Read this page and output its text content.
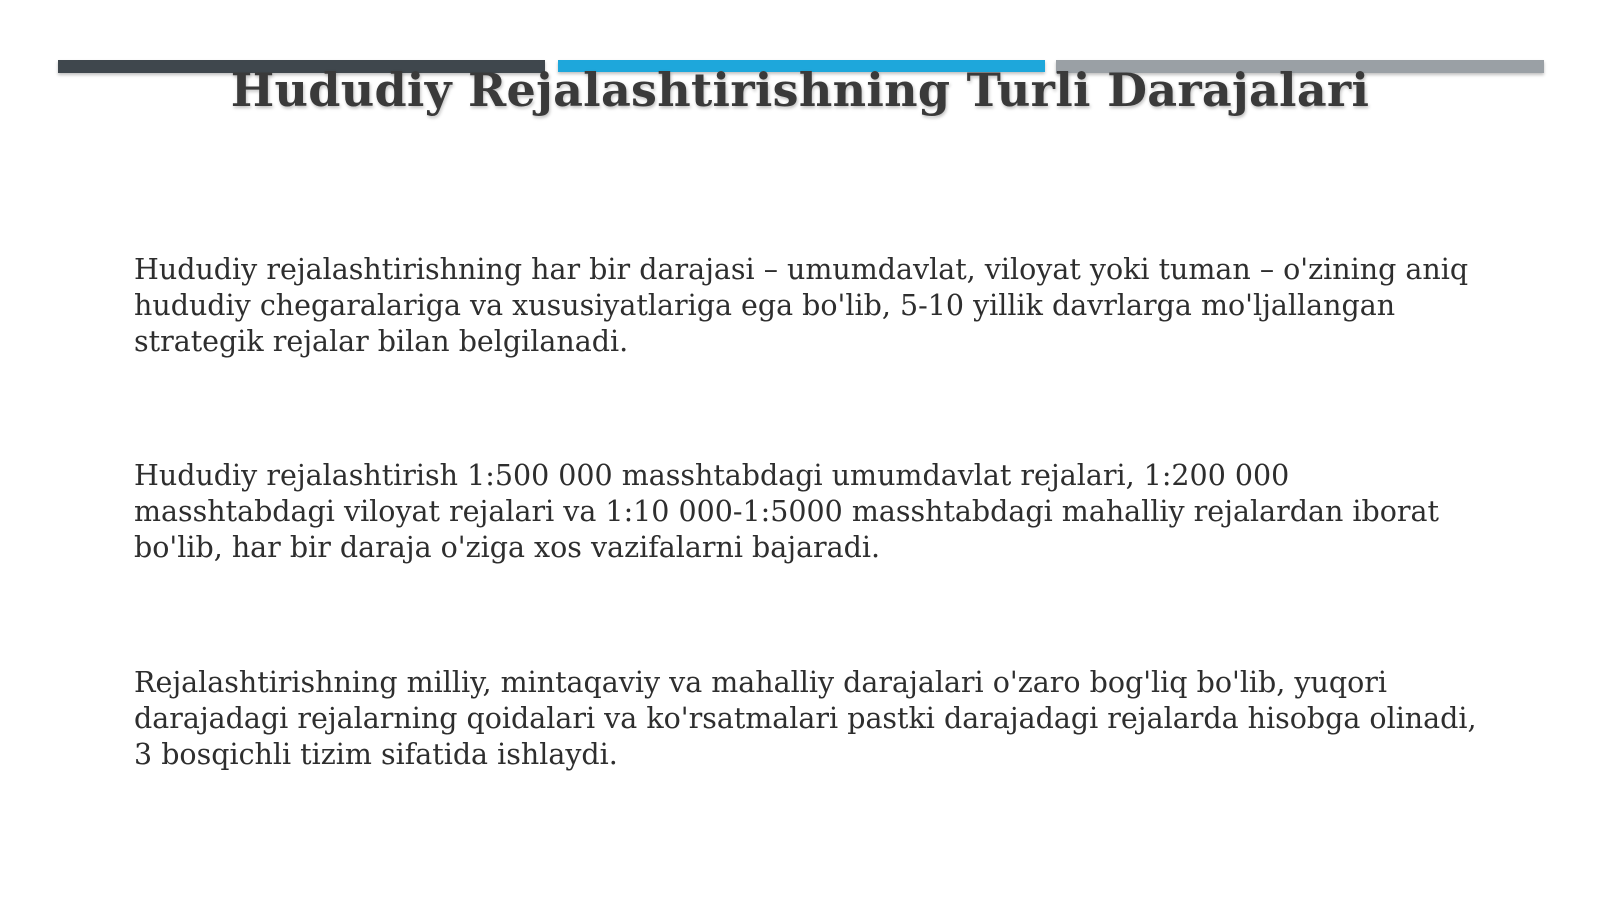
Hududiy Rejalashtirishning Turli Darajalari

Hududiy rejalashtirishning har bir darajasi – umumdavlat, viloyat yoki tuman – o'zining aniq hududiy chegaralariga va xususiyatlariga ega bo'lib, 5-10 yillik davrlarga mo'ljallangan strategik rejalar bilan belgilanadi.

Hududiy rejalashtirish 1:500 000 masshtabdagi umumdavlat rejalari, 1:200 000 masshtabdagi viloyat rejalari va 1:10 000-1:5000 masshtabdagi mahalliy rejalardan iborat bo'lib, har bir daraja o'ziga xos vazifalarni bajaradi.

Rejalashtirishning milliy, mintaqaviy va mahalliy darajalari o'zaro bog'liq bo'lib, yuqori darajadagi rejalarning qoidalari va ko'rsatmalari pastki darajadagi rejalarda hisobga olinadi, 3 bosqichli tizim sifatida ishlaydi.
